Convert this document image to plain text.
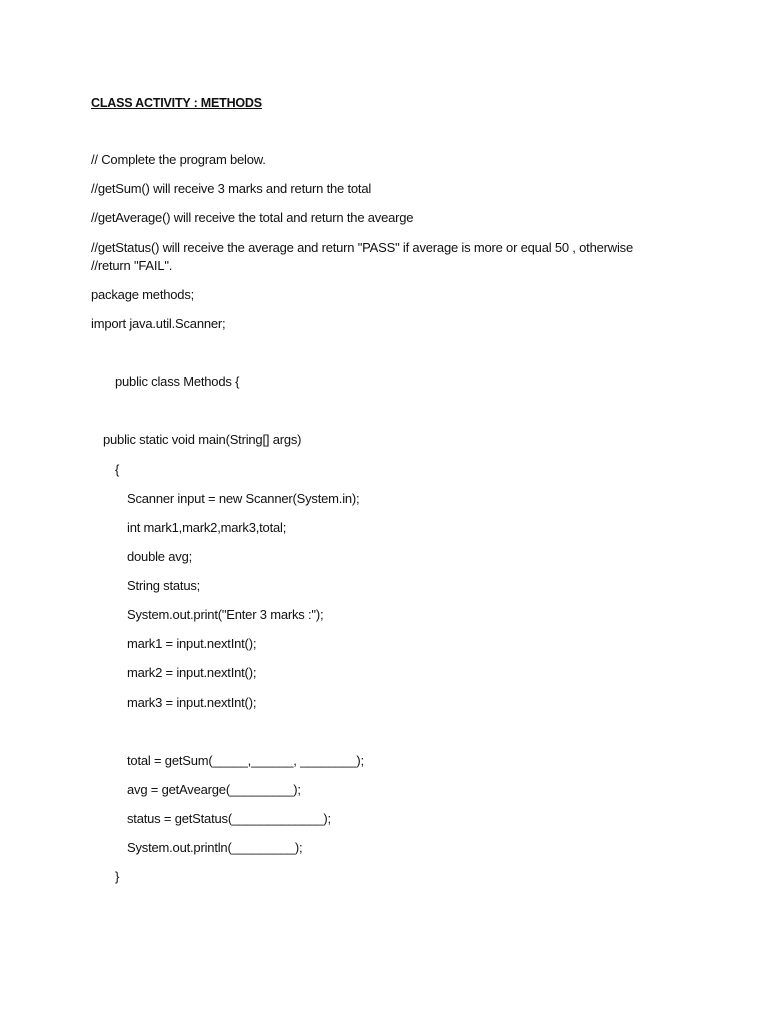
CLASS ACTIVITY : METHODS
// Complete the program below.
//getSum() will receive 3 marks and return the total
//getAverage() will receive the total and return the avearge
//getStatus() will receive the average and return "PASS" if average is more or equal 50 , otherwise
//return "FAIL".
package methods;
import java.util.Scanner;
public class Methods {
public static void main(String[] args)
{
Scanner input = new Scanner(System.in);
int mark1,mark2,mark3,total;
double avg;
String status;
System.out.print("Enter 3 marks :");
mark1 = input.nextInt();
mark2 = input.nextInt();
mark3 = input.nextInt();
total = getSum(_____,______, ________);
avg = getAvearge(_________);
status = getStatus(_____________);
System.out.println(_________);
}
